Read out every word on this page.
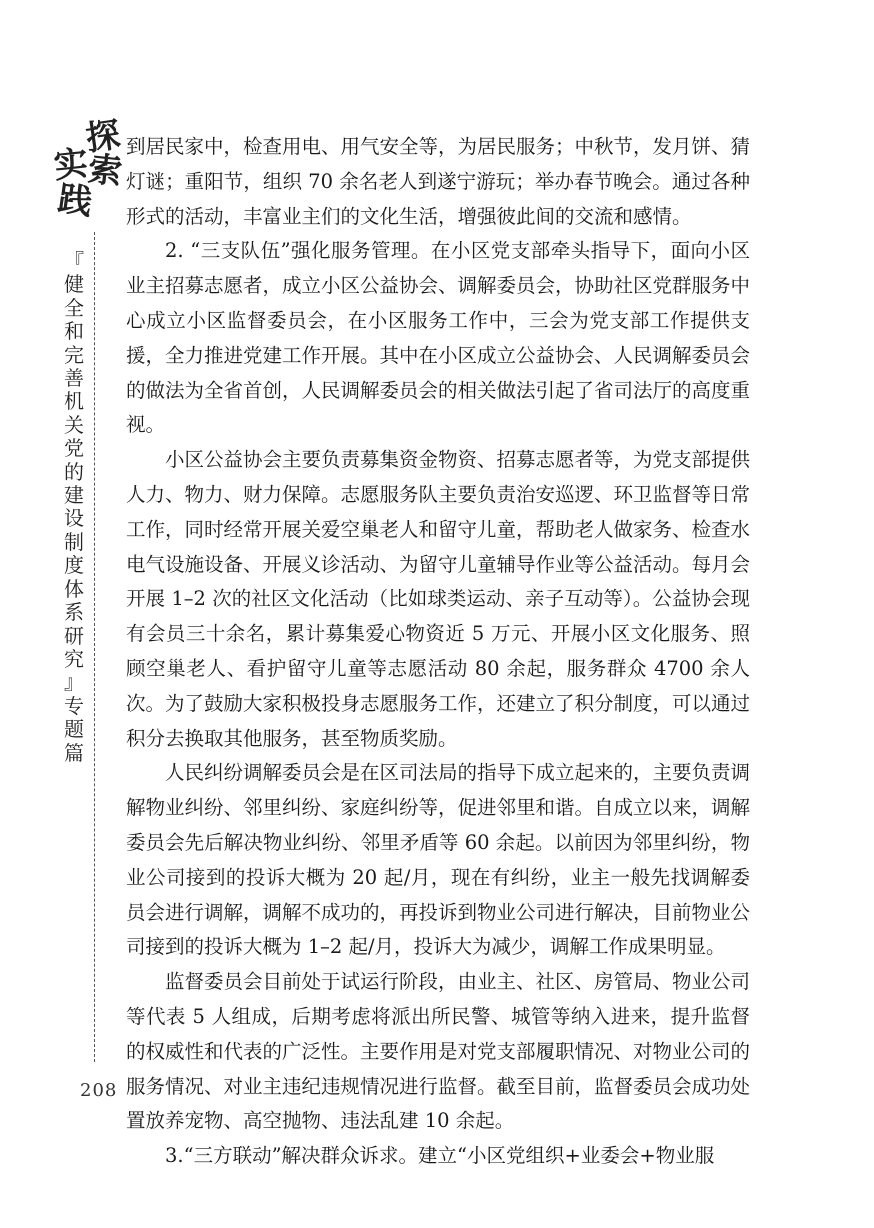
探
索
实
践
『
健
全
和
完
善
机
关
党
的
建
设
制
度
体
系
研
究
』
专
题
篇
208

到居民家中，检查用电、用气安全等，为居民服务；中秋节，发月饼、猜灯谜；重阳节，组织 70 余名老人到遂宁游玩；举办春节晚会。通过各种形式的活动，丰富业主们的文化生活，增强彼此间的交流和感情。

2. “三支队伍”强化服务管理。在小区党支部牵头指导下，面向小区业主招募志愿者，成立小区公益协会、调解委员会，协助社区党群服务中心成立小区监督委员会，在小区服务工作中，三会为党支部工作提供支援，全力推进党建工作开展。其中在小区成立公益协会、人民调解委员会的做法为全省首创，人民调解委员会的相关做法引起了省司法厅的高度重视。

小区公益协会主要负责募集资金物资、招募志愿者等，为党支部提供人力、物力、财力保障。志愿服务队主要负责治安巡逻、环卫监督等日常工作，同时经常开展关爱空巢老人和留守儿童，帮助老人做家务、检查水电气设施设备、开展义诊活动、为留守儿童辅导作业等公益活动。每月会开展 1–2 次的社区文化活动（比如球类运动、亲子互动等）。公益协会现有会员三十余名，累计募集爱心物资近 5 万元、开展小区文化服务、照顾空巢老人、看护留守儿童等志愿活动 80 余起，服务群众 4700 余人次。为了鼓励大家积极投身志愿服务工作，还建立了积分制度，可以通过积分去换取其他服务，甚至物质奖励。

人民纠纷调解委员会是在区司法局的指导下成立起来的，主要负责调解物业纠纷、邻里纠纷、家庭纠纷等，促进邻里和谐。自成立以来，调解委员会先后解决物业纠纷、邻里矛盾等 60 余起。以前因为邻里纠纷，物业公司接到的投诉大概为 20 起/月，现在有纠纷，业主一般先找调解委员会进行调解，调解不成功的，再投诉到物业公司进行解决，目前物业公司接到的投诉大概为 1–2 起/月，投诉大为减少，调解工作成果明显。

监督委员会目前处于试运行阶段，由业主、社区、房管局、物业公司等代表 5 人组成，后期考虑将派出所民警、城管等纳入进来，提升监督的权威性和代表的广泛性。主要作用是对党支部履职情况、对物业公司的服务情况、对业主违纪违规情况进行监督。截至目前，监督委员会成功处置放养宠物、高空抛物、违法乱建 10 余起。

3.“三方联动”解决群众诉求。建立“小区党组织+业委会+物业服
